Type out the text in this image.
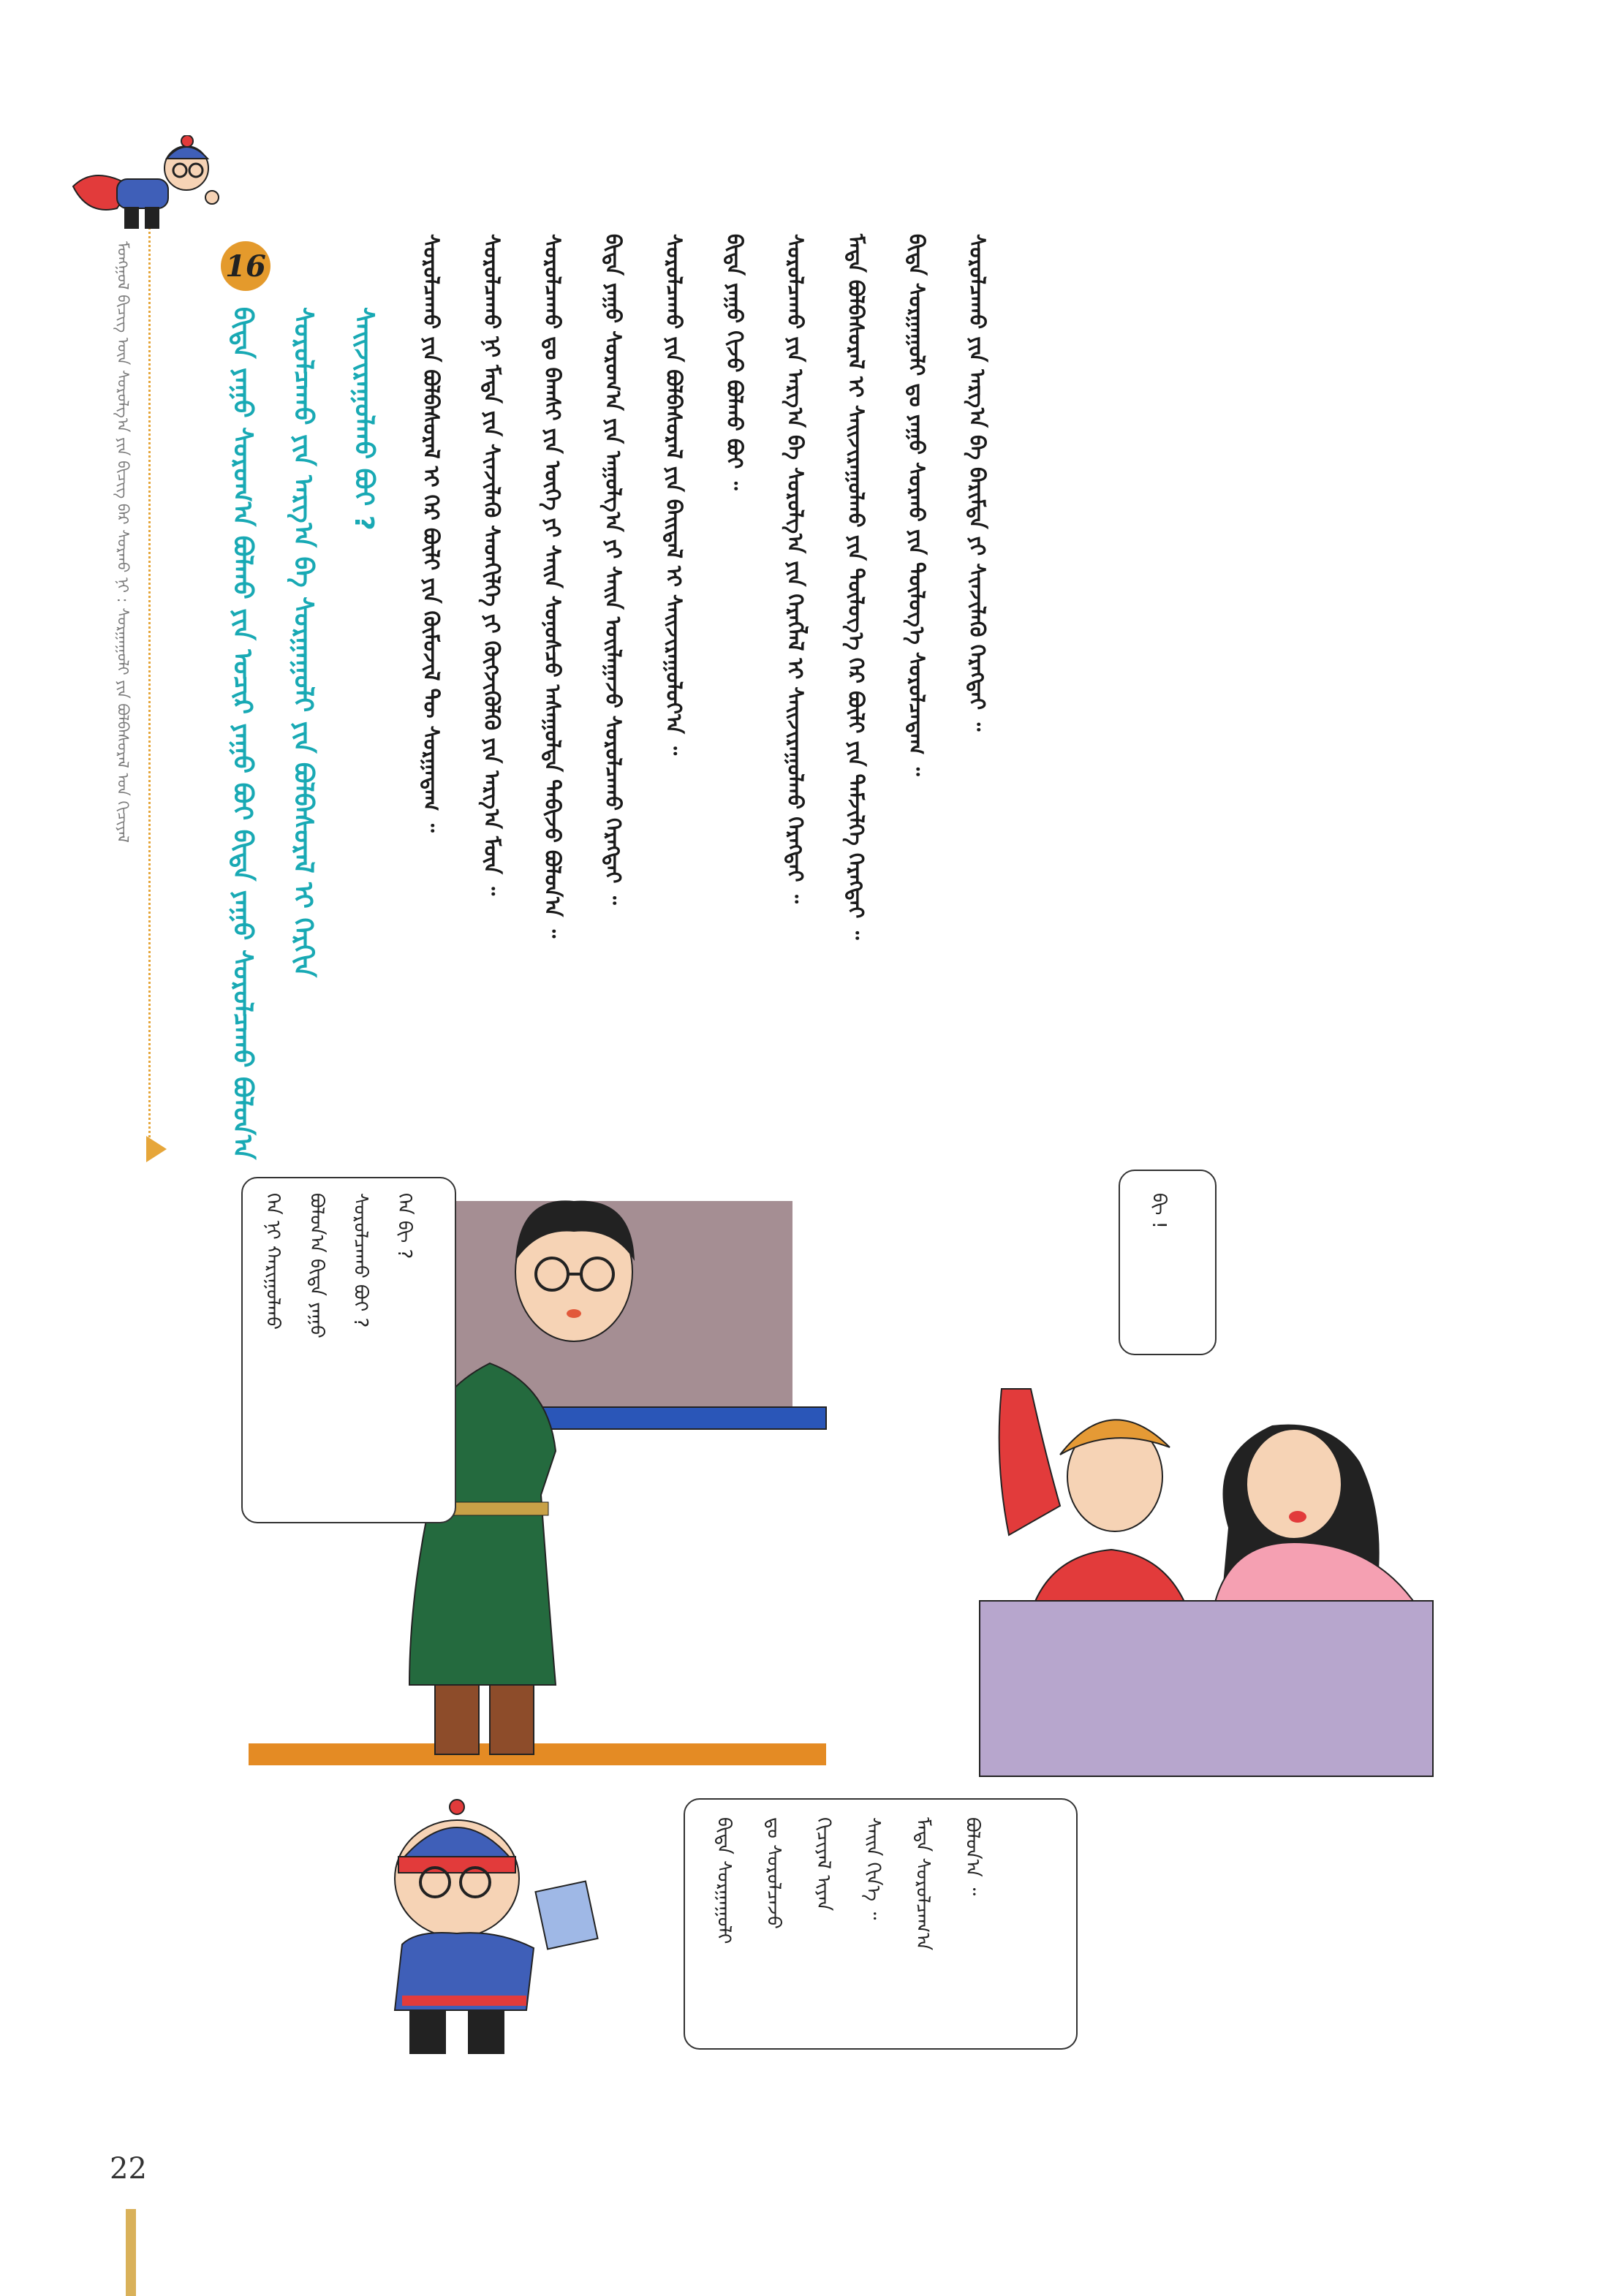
ᠮᠣᠩᠭᠣᠯ ᠪᠢᠴᠢᠭ ᠦᠨ ᠰᠤᠷᠤᠯᠭ᠎ᠠ ᠶᠢᠨ ᠪᠢᠴᠢᠭ ᠪᠠᠷ ᠰᠤᠷᠬᠤ ᠨᠢ : ᠰᠤᠷᠭᠠᠭᠤᠯᠢ ᠶᠢᠨ ᠪᠣᠯᠪᠠᠰᠤᠷᠠᠯ ᠤᠨ ᠬᠢᠴᠢᠶᠡᠯ	16
ᠪᠢᠳᠡ ᠶᠠᠭᠤ ᠰᠤᠷᠤᠭ᠎ᠠ ᠪᠣᠯᠬᠤ ᠶᠢᠨ ᠤᠴᠢᠷ ᠶᠠᠭᠤ ᠪᠤᠢ ᠪᠢᠳᠡ ᠶᠠᠭᠤ ᠰᠤᠷᠤᠯᠴᠠᠬᠤ ᠪᠣᠯᠤᠨ᠎ᠠ	ᠰᠤᠷᠤᠯᠴᠠᠬᠤ ᠶᠢᠨ ᠠᠷᠭ᠎ᠠ ᠪᠠ ᠰᠤᠷᠭᠠᠭᠤᠯᠢ ᠶᠢᠨ ᠪᠣᠯᠪᠠᠰᠤᠷᠠᠯ ᠢ ᠬᠡᠷᠬᠢᠨ	ᠰᠠᠢᠵᠢᠷᠠᠭᠤᠯᠬᠤ ᠪᠤᠢ ?	ᠰᠤᠷᠤᠯᠴᠠᠬᠤ ᠶᠢᠨ ᠪᠣᠯᠪᠠᠰᠤᠷᠠᠯ ᠢ ᠭᠡᠷ ᠪᠦᠯᠢ ᠶᠢᠨ ᠬᠦᠮᠦᠵᠢᠯ ᠲᠦ ᠰᠤᠷᠭᠠᠳᠠᠭ ᠃ ᠰᠤᠷᠤᠯᠴᠠᠬᠤ ᠨᠢ ᠮᠠᠲᠠ ᠶᠢᠨ ᠰᠢᠨᠵᠢᠯᠡᠬᠦ ᠰᠡᠳᠬᠢᠯᠭᠡ ᠶᠢ ᠬᠦᠭᠵᠢᠭᠦᠯᠬᠦ ᠶᠢᠨ ᠠᠷᠭ᠎ᠠ ᠮᠥᠨ ᠃ ᠰᠤᠷᠤᠯᠴᠠᠬᠤ ᠳᠤ ᠪᠠᠭᠰᠢ ᠶᠢᠨ ᠦᠭᠡ ᠶᠢ ᠰᠠᠢᠨ ᠰᠣᠨᠣᠰᠴᠤ ᠠᠰᠠᠭᠤᠯᠲᠠ ᠲᠠᠪᠢᠵᠤ ᠪᠣᠯᠤᠨ᠎ᠠ ᠃ ᠪᠢᠳᠡ ᠶᠠᠭᠤ ᠰᠤᠷᠤᠭ᠎ᠠ ᠶᠢᠨ ᠠᠭᠤᠯᠭ᠎ᠠ ᠶᠢ ᠰᠠᠢᠨ ᠣᠢᠯᠠᠭᠠᠵᠤ ᠰᠤᠷᠤᠯᠴᠠᠬᠤ ᠬᠡᠷᠡᠭᠲᠡᠢ ᠃ ᠰᠤᠷᠤᠯᠴᠠᠬᠤ ᠶᠢᠨ ᠪᠣᠯᠪᠠᠰᠤᠷᠠᠯ ᠶᠢᠨ ᠪᠠᠢᠳᠠᠯ ᠢ ᠰᠠᠢᠵᠢᠷᠠᠭᠤᠯᠤᠶ᠎ᠠ ᠃ ᠪᠢᠳᠡ ᠶᠠᠭᠤ ᠬᠢᠵᠦ ᠪᠣᠯᠬᠤ ᠪᠤᠢ ᠃ ᠰᠤᠷᠤᠯᠴᠠᠬᠤ ᠶᠢᠨ ᠠᠷᠭ᠎ᠠ ᠪᠠ ᠰᠤᠷᠤᠯᠭ᠎ᠠ ᠶᠢᠨ ᠬᠡᠷᠡᠭᠯᠡᠯ ᠢ ᠰᠠᠢᠵᠢᠷᠠᠭᠤᠯᠬᠤ ᠬᠡᠷᠡᠭᠲᠡᠢ ᠃ ᠮᠠᠲᠠ ᠪᠣᠯᠪᠠᠰᠤᠷᠠᠯ ᠢ ᠰᠠᠢᠵᠢᠷᠠᠭᠤᠯᠬᠤ ᠶᠢᠨ ᠲᠥᠯᠥᠭ᠎ᠡ ᠭᠡᠷ ᠪᠦᠯᠢ ᠶᠢᠨ ᠳᠡᠮᠵᠢᠯᠭᠡ ᠬᠡᠷᠡᠭᠲᠡᠢ ᠃ ᠪᠢᠳᠡ ᠰᠤᠷᠭᠠᠭᠤᠯᠢ ᠳᠤ ᠶᠠᠭᠤ ᠰᠤᠷᠬᠤ ᠶᠢᠨ ᠲᠥᠯᠥᠭ᠎ᠡ ᠰᠤᠷᠤᠯᠴᠠᠳᠠᠭ ᠃ ᠰᠤᠷᠤᠯᠴᠠᠬᠤ ᠶᠢᠨ ᠠᠷᠭ᠎ᠠ ᠪᠠ ᠪᠠᠷᠢᠮᠲᠠ ᠶᠢ ᠰᠢᠨᠵᠢᠯᠡᠬᠦ ᠬᠡᠷᠡᠭᠲᠡᠢ ᠃
ᠬᠡᠨ ᠨᠢ ᠬᠠᠷᠢᠭᠤᠯᠬᠤ	ᠪᠣᠯᠤᠨ᠎ᠠ ᠪᠢᠳᠡ ᠶᠠᠭᠤ	ᠰᠤᠷᠤᠯᠴᠠᠬᠤ ᠪᠤᠢ ?	ᠬᠡᠨ ᠪᠢ ?	ᠪᠢ !
ᠪᠢᠳᠡ ᠰᠤᠷᠭᠠᠭᠤᠯᠢ	ᠳᠤ ᠰᠤᠷᠤᠯᠴᠠᠵᠤ	ᠬᠢᠴᠢᠶᠡᠯ ᠢᠶᠡᠨ	ᠰᠠᠢᠨ ᠬᠢᠨ᠎ᠡ ᠃	ᠮᠠᠲᠠ ᠰᠤᠷᠤᠯᠴᠠᠭ᠎ᠠ	ᠪᠣᠯᠤᠨ᠎ᠠ ᠃
22
